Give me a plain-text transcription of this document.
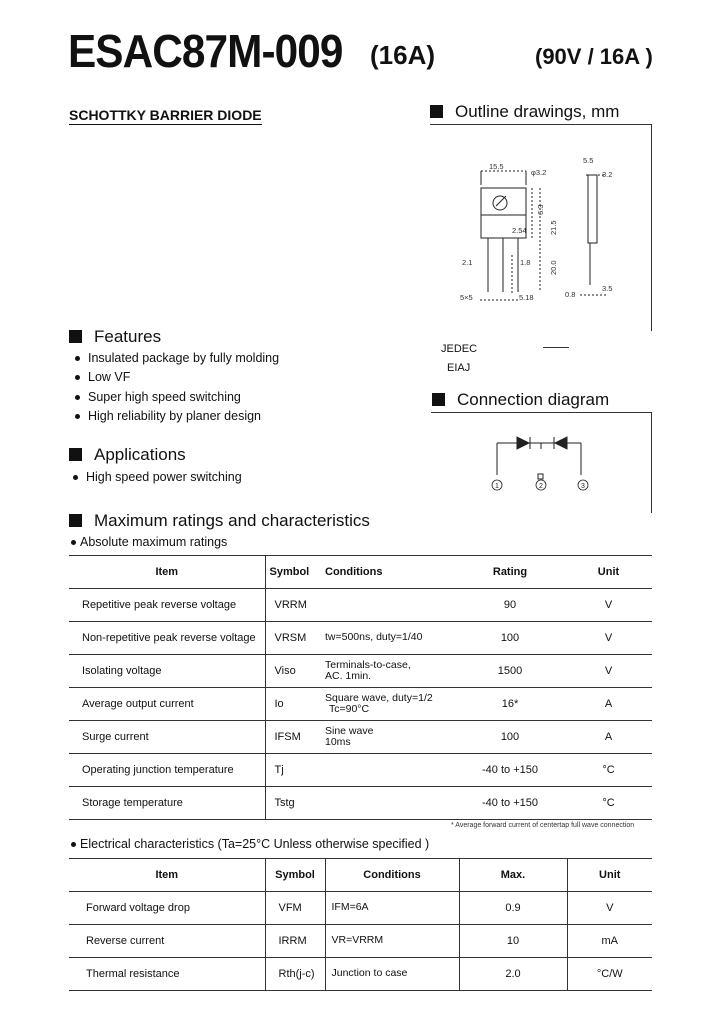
ESAC87M-009 (16A)	(90V / 16A )
SCHOTTKY BARRIER DIODE	Outline drawings, mm
15.5
φ3.2
5.5
3.2
6.3
2.54
2.1
5×5	5.18
1.8
0.8
3.5
21.5
20.0
JEDEC
EIAJ
Connection diagram
1	2	3
Features
Insulated package by fully molding
Low VF
Super high speed switching
High reliability by planer design
Applications
High speed power switching
Maximum ratings and characteristics
Absolute maximum ratings
Item	Symbol	Conditions	Rating	Unit
Repetitive peak reverse voltage	VRRM		90	V
Non-repetitive peak reverse voltage	VRSM	tw=500ns, duty=1/40	100	V
Isolating voltage	Viso	Terminals-to-case,
AC. 1min.	1500	V
Average output current	Io	Square wave, duty=1/2
Tc=90°C	16*	A
Surge current	IFSM	Sine wave
10ms	100	A
Operating junction temperature	Tj		-40 to +150	°C
Storage temperature	Tstg		-40 to +150	°C
* Average forward current of centertap full wave connection
Electrical characteristics (Ta=25°C Unless otherwise specified )
Item	Symbol	Conditions	Max.	Unit
Forward voltage drop	VFM	IFM=6A	0.9	V
Reverse current	IRRM	VR=VRRM	10	mA
Thermal resistance	Rth(j-c)	Junction to case	2.0	°C/W
